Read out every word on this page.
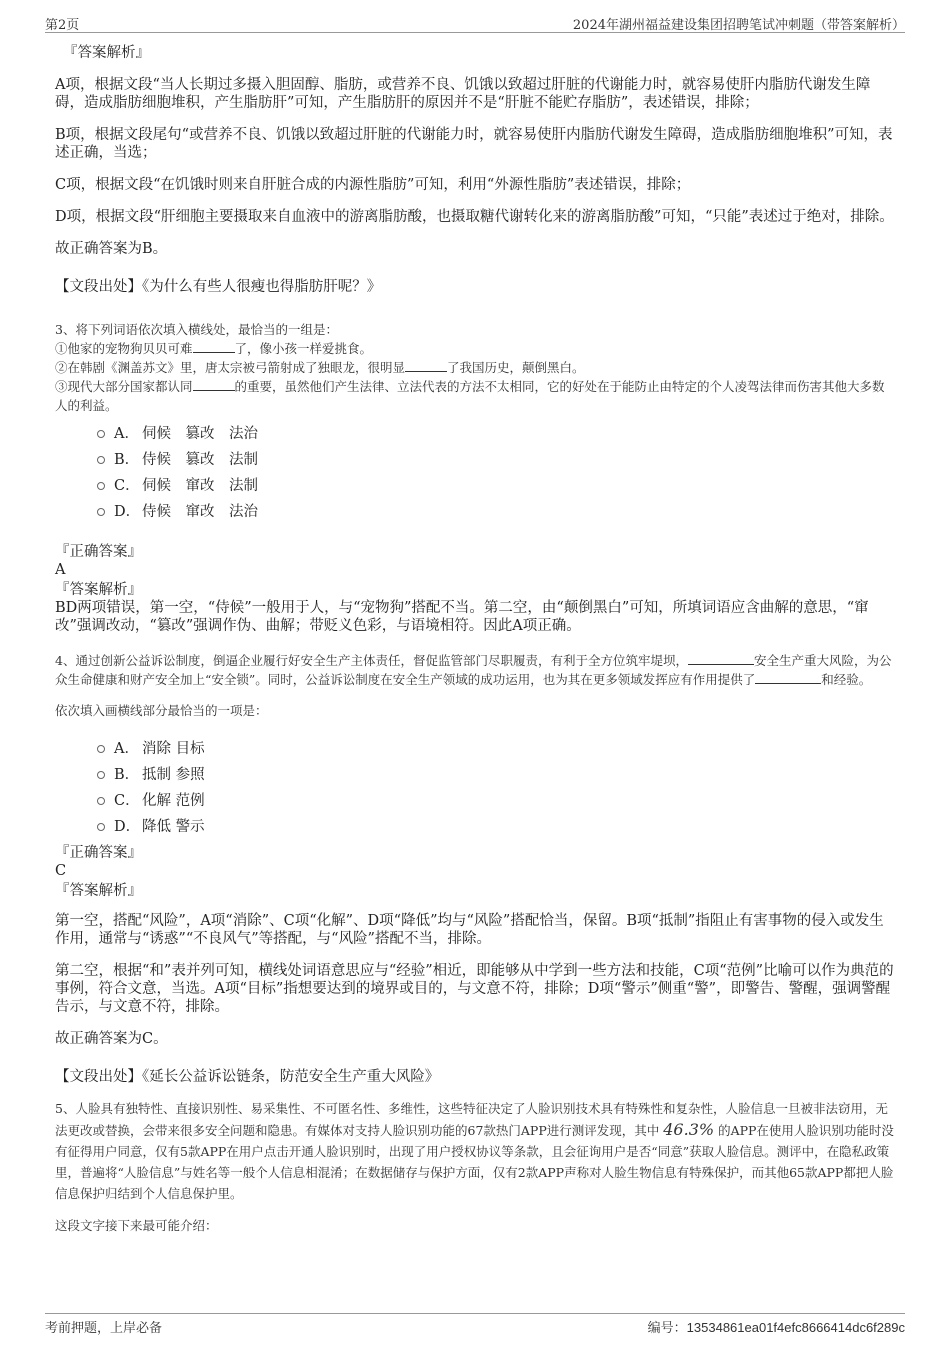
第2页	2024年湖州福益建设集团招聘笔试冲刺题（带答案解析）
『答案解析』

A项，根据文段“当人长期过多摄入胆固醇、脂肪，或营养不良、饥饿以致超过肝脏的代谢能力时，就容易使肝内脂肪代谢发生障碍，造成脂肪细胞堆积，产生脂肪肝”可知，产生脂肪肝的原因并不是“肝脏不能贮存脂肪”，表述错误，排除；

B项，根据文段尾句“或营养不良、饥饿以致超过肝脏的代谢能力时，就容易使肝内脂肪代谢发生障碍，造成脂肪细胞堆积”可知，表述正确，当选；

C项，根据文段“在饥饿时则来自肝脏合成的内源性脂肪”可知，利用“外源性脂肪”表述错误，排除；

D项，根据文段“肝细胞主要摄取来自血液中的游离脂肪酸，也摄取糖代谢转化来的游离脂肪酸”可知，“只能”表述过于绝对，排除。

故正确答案为B。

【文段出处】《为什么有些人很瘦也得脂肪肝呢？》

3、将下列词语依次填入横线处，最恰当的一组是：
①他家的宠物狗贝贝可难	了，像小孩一样爱挑食。
②在韩剧《渊盖苏文》里，唐太宗被弓箭射成了独眼龙，很明显	了我国历史，颠倒黑白。
③现代大部分国家都认同	的重要，虽然他们产生法律、立法代表的方法不太相同，它的好处在于能防止由特定的个人凌驾法律而伤害其他大多数人的利益。
A． 伺候　篡改　法治
B． 侍候　篡改　法制
C． 伺候　窜改　法制
D． 侍候　窜改　法治
『正确答案』
A
『答案解析』

BD两项错误，第一空，“侍候”一般用于人，与“宠物狗”搭配不当。第二空，由“颠倒黑白”可知，所填词语应含曲解的意思，“窜改”强调改动，“篡改”强调作伪、曲解；带贬义色彩，与语境相符。因此A项正确。

4、通过创新公益诉讼制度，倒逼企业履行好安全生产主体责任，督促监管部门尽职履责，有利于全方位筑牢堤坝，	安全生产重大风险，为公众生命健康和财产安全加上“安全锁”。同时，公益诉讼制度在安全生产领域的成功运用，也为其在更多领域发挥应有作用提供了	和经验。
依次填入画横线部分最恰当的一项是：
A． 消除 目标
B． 抵制 参照
C． 化解 范例
D． 降低 警示
『正确答案』
C
『答案解析』

第一空，搭配“风险”，A项“消除”、C项“化解”、D项“降低”均与“风险”搭配恰当，保留。B项“抵制”指阻止有害事物的侵入或发生作用，通常与“诱惑”“不良风气”等搭配，与“风险”搭配不当，排除。

第二空，根据“和”表并列可知，横线处词语意思应与“经验”相近，即能够从中学到一些方法和技能，C项“范例”比喻可以作为典范的事例，符合文意，当选。A项“目标”指想要达到的境界或目的，与文意不符，排除；D项“警示”侧重“警”，即警告、警醒，强调警醒告示，与文意不符，排除。

故正确答案为C。

【文段出处】《延长公益诉讼链条，防范安全生产重大风险》

5、人脸具有独特性、直接识别性、易采集性、不可匿名性、多维性，这些特征决定了人脸识别技术具有特殊性和复杂性，人脸信息一旦被非法窃用，无法更改或替换，会带来很多安全问题和隐患。有媒体对支持人脸识别功能的67款热门APP进行测评发现，其中 46.3% 的APP在使用人脸识别功能时没有征得用户同意，仅有5款APP在用户点击开通人脸识别时，出现了用户授权协议等条款，且会征询用户是否“同意”获取人脸信息。测评中，在隐私政策里，普遍将“人脸信息”与姓名等一般个人信息相混淆；在数据储存与保护方面，仅有2款APP声称对人脸生物信息有特殊保护，而其他65款APP都把人脸信息保护归结到个人信息保护里。
这段文字接下来最可能介绍：
考前押题，上岸必备	编号：13534861ea01f4efc8666414dc6f289c
